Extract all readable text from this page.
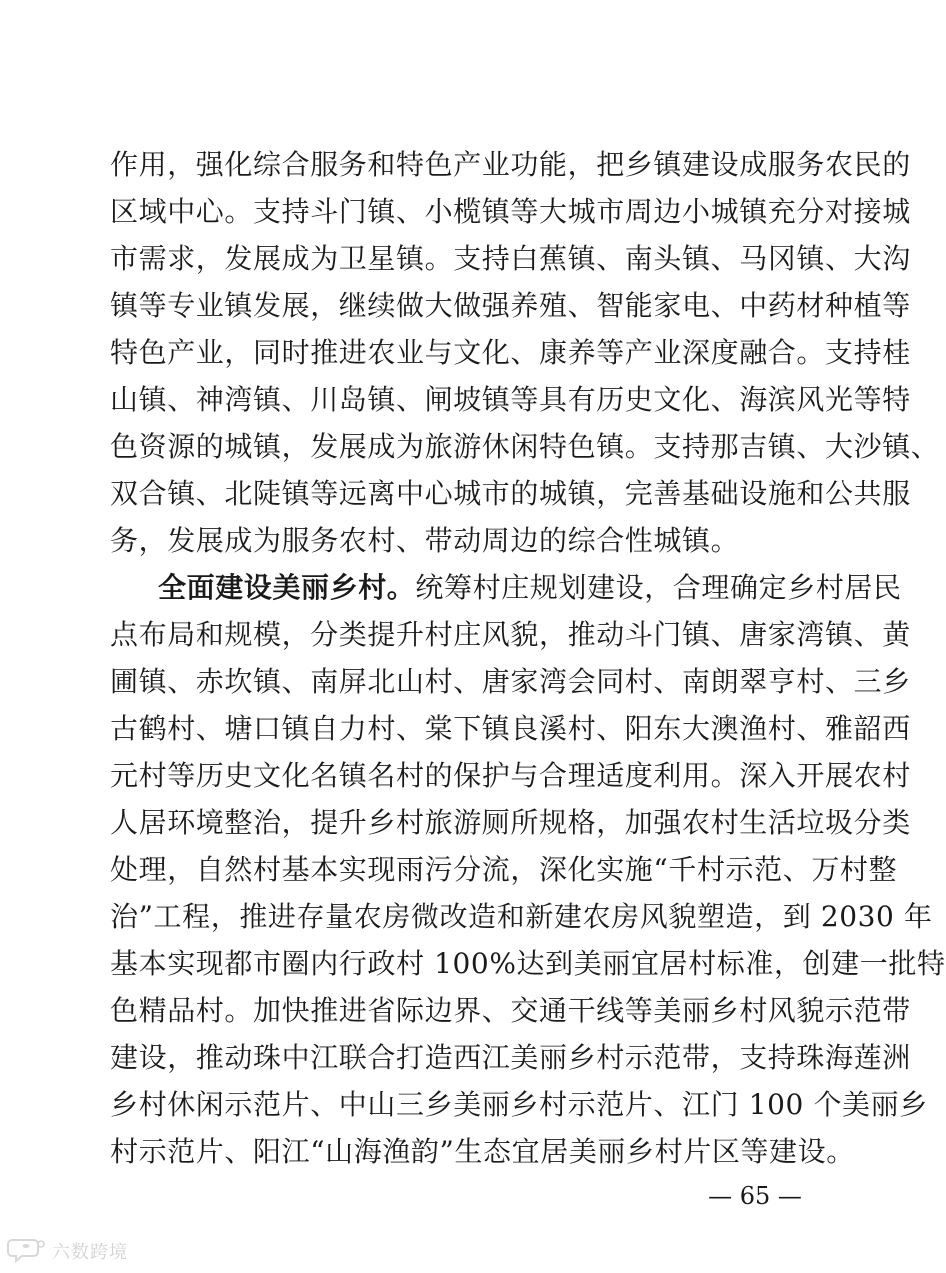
作用，强化综合服务和特色产业功能，把乡镇建设成服务农民的
区域中心。支持斗门镇、小榄镇等大城市周边小城镇充分对接城
市需求，发展成为卫星镇。支持白蕉镇、南头镇、马冈镇、大沟
镇等专业镇发展，继续做大做强养殖、智能家电、中药材种植等
特色产业，同时推进农业与文化、康养等产业深度融合。支持桂
山镇、神湾镇、川岛镇、闸坡镇等具有历史文化、海滨风光等特
色资源的城镇，发展成为旅游休闲特色镇。支持那吉镇、大沙镇、
双合镇、北陡镇等远离中心城市的城镇，完善基础设施和公共服
务，发展成为服务农村、带动周边的综合性城镇。
全面建设美丽乡村。统筹村庄规划建设，合理确定乡村居民
点布局和规模，分类提升村庄风貌，推动斗门镇、唐家湾镇、黄
圃镇、赤坎镇、南屏北山村、唐家湾会同村、南朗翠亨村、三乡
古鹤村、塘口镇自力村、棠下镇良溪村、阳东大澳渔村、雅韶西
元村等历史文化名镇名村的保护与合理适度利用。深入开展农村
人居环境整治，提升乡村旅游厕所规格，加强农村生活垃圾分类
处理，自然村基本实现雨污分流，深化实施“千村示范、万村整
治”工程，推进存量农房微改造和新建农房风貌塑造，到 2030 年
基本实现都市圈内行政村 100%达到美丽宜居村标准，创建一批特
色精品村。加快推进省际边界、交通干线等美丽乡村风貌示范带
建设，推动珠中江联合打造西江美丽乡村示范带，支持珠海莲洲
乡村休闲示范片、中山三乡美丽乡村示范片、江门 100 个美丽乡
村示范片、阳江“山海渔韵”生态宜居美丽乡村片区等建设。
— 65 —
六数跨境
